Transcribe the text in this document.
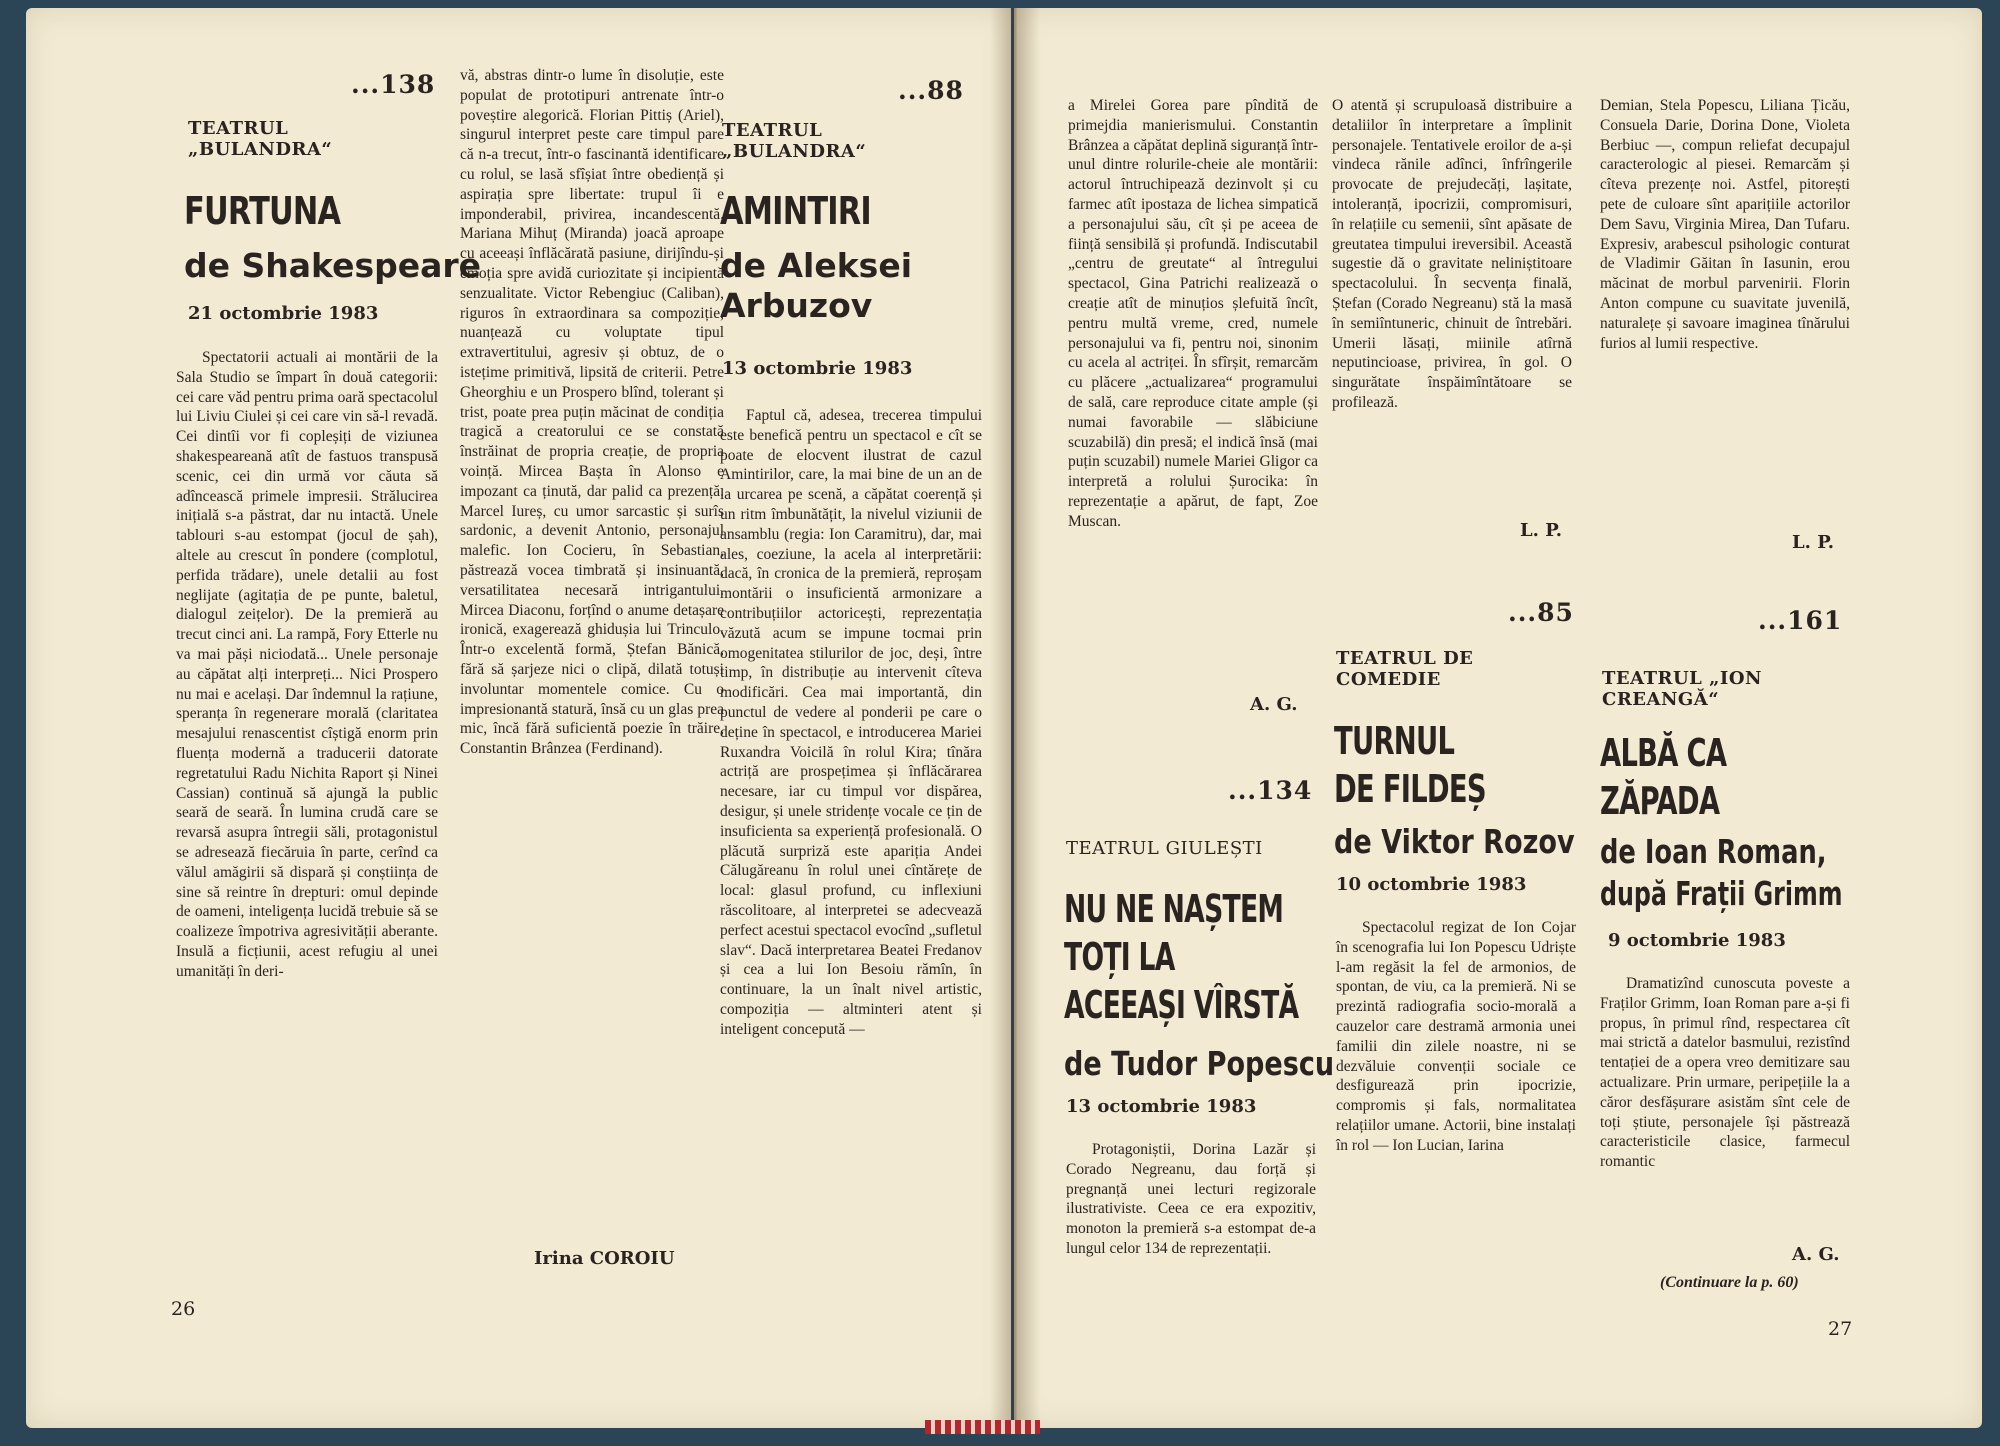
...138
TEATRUL „BULANDRA“
FURTUNA
de Shakespeare
21 octombrie 1983

Spectatorii actuali ai montării de la Sala Studio se împart în două categorii: cei care văd pentru prima oară spectacolul lui Liviu Ciulei și cei care vin să-l revadă. Cei dintîi vor fi copleșiți de viziunea shakespeareană atît de fastuos transpusă scenic, cei din urmă vor căuta să adîncească primele impresii. Strălucirea inițială s-a păstrat, dar nu intactă. Unele tablouri s-au estompat (jocul de șah), altele au crescut în pondere (complotul, perfida trădare), unele detalii au fost neglijate (agitația de pe punte, baletul, dialogul zeițelor). De la premieră au trecut cinci ani. La rampă, Fory Etterle nu va mai păși niciodată... Unele personaje au căpătat alți interpreți... Nici Prospero nu mai e același. Dar îndemnul la rațiune, speranța în regenerare morală (claritatea mesajului renascentist cîștigă enorm prin fluența modernă a traducerii datorate regretatului Radu Nichita Raport și Ninei Cassian) continuă să ajungă la public seară de seară. În lumina crudă care se revarsă asupra întregii săli, protagonistul se adresează fiecăruia în parte, cerînd ca vălul amăgirii să dispară și conștiința de sine să reintre în drepturi: omul depinde de oameni, inteligența lucidă trebuie să se coalizeze împotriva agresivității aberante. Insulă a ficțiunii, acest refugiu al unei umanități în deri-

vă, abstras dintr-o lume în disoluție, este populat de prototipuri antrenate într-o poveștire alegorică. Florian Pittiș (Ariel), singurul interpret peste care timpul pare că n-a trecut, într-o fascinantă identificare cu rolul, se lasă sfîșiat între obediență și aspirația spre libertate: trupul îi e imponderabil, privirea, incandescentă. Mariana Mihuț (Miranda) joacă aproape cu aceeași înflăcărată pasiune, dirijîndu-și emoția spre avidă curiozitate și incipientă senzualitate. Victor Rebengiuc (Caliban), riguros în extraordinara sa compoziție, nuanțează cu voluptate tipul extravertitului, agresiv și obtuz, de o istețime primitivă, lipsită de criterii. Petre Gheorghiu e un Prospero blînd, tolerant și trist, poate prea puțin măcinat de condiția tragică a creatorului ce se constată înstrăinat de propria creație, de propria voință. Mircea Bașta în Alonso e impozant ca ținută, dar palid ca prezență. Marcel Iureș, cu umor sarcastic și surîs sardonic, a devenit Antonio, personajul malefic. Ion Cocieru, în Sebastian, păstrează vocea timbrată și insinuantă, versatilitatea necesară intrigantului. Mircea Diaconu, forțînd o anume detașare ironică, exagerează ghidușia lui Trinculo. Într-o excelentă formă, Ștefan Bănică, fără să șarjeze nici o clipă, dilată totuși involuntar momentele comice. Cu o impresionantă statură, însă cu un glas prea mic, încă fără suficientă poezie în trăire, Constantin Brânzea (Ferdinand).

Irina COROIU
...88
TEATRUL „BULANDRA“
AMINTIRI
de Aleksei
Arbuzov
13 octombrie 1983

Faptul că, adesea, trecerea timpului este benefică pentru un spectacol e cît se poate de elocvent ilustrat de cazul Amintirilor, care, la mai bine de un an de la urcarea pe scenă, a căpătat coerență și un ritm îmbunătățit, la nivelul viziunii de ansamblu (regia: Ion Caramitru), dar, mai ales, coeziune, la acela al interpretării: dacă, în cronica de la premieră, reproșam montării o insuficientă armonizare a contribuțiilor actoricești, reprezentația văzută acum se impune tocmai prin omogenitatea stilurilor de joc, deși, între timp, în distribuție au intervenit cîteva modificări. Cea mai importantă, din punctul de vedere al ponderii pe care o deține în spectacol, e introducerea Mariei Ruxandra Voicilă în rolul Kira; tînăra actriță are prospețimea și înflăcărarea necesare, iar cu timpul vor dispărea, desigur, și unele stridențe vocale ce țin de insuficienta sa experiență profesională. O plăcută surpriză este apariția Andei Călugăreanu în rolul unei cîntărețe de local: glasul profund, cu inflexiuni răscolitoare, al interpretei se adecvează perfect acestui spectacol evocînd „sufletul slav“. Dacă interpretarea Beatei Fredanov și cea a lui Ion Besoiu rămîn, în continuare, la un înalt nivel artistic, compoziția — altminteri atent și inteligent concepută —

26

a Mirelei Gorea pare pîndită de primejdia manierismului. Constantin Brânzea a căpătat deplină siguranță într-unul dintre rolurile-cheie ale montării: actorul întruchipează dezinvolt și cu farmec atît ipostaza de lichea simpatică a personajului său, cît și pe aceea de ființă sensibilă și profundă. Indiscutabil „centru de greutate“ al întregului spectacol, Gina Patrichi realizează o creație atît de minuțios șlefuită încît, pentru multă vreme, cred, numele personajului va fi, pentru noi, sinonim cu acela al actriței. În sfîrșit, remarcăm cu plăcere „actualizarea“ programului de sală, care reproduce citate ample (și numai favorabile — slăbiciune scuzabilă) din presă; el indică însă (mai puțin scuzabil) numele Mariei Gligor ca interpretă a rolului Șurocika: în reprezentație a apărut, de fapt, Zoe Muscan.

A. G.
...134
TEATRUL GIULEȘTI
NU NE NAȘTEM
TOȚI LA
ACEEAȘI VÎRSTĂ
de Tudor Popescu
13 octombrie 1983

Protagoniștii, Dorina Lazăr și Corado Negreanu, dau forță și pregnanță unei lecturi regizorale ilustrativiste. Ceea ce era expozitiv, monoton la premieră s-a estompat de-a lungul celor 134 de reprezentații.

O atentă și scrupuloasă distribuire a detaliilor în interpretare a împlinit personajele. Tentativele eroilor de a-și vindeca rănile adînci, înfrîngerile provocate de prejudecăți, lașitate, intoleranță, ipocrizii, compromisuri, în relațiile cu semenii, sînt apăsate de greutatea timpului ireversibil. Această sugestie dă o gravitate neliniștitoare spectacolului. În secvența finală, Ștefan (Corado Negreanu) stă la masă în semiîntuneric, chinuit de întrebări. Umerii lăsați, miinile atîrnă neputincioase, privirea, în gol. O singurătate înspăimîntătoare se profilează.

L. P.
...85
TEATRUL DE COMEDIE
TURNUL
DE FILDEȘ
de Viktor Rozov
10 octombrie 1983

Spectacolul regizat de Ion Cojar în scenografia lui Ion Popescu Udriște l-am regăsit la fel de armonios, de spontan, de viu, ca la premieră. Ni se prezintă radiografia socio-morală a cauzelor care destramă armonia unei familii din zilele noastre, ni se dezvăluie convenții sociale ce desfigurează prin ipocrizie, compromis și fals, normalitatea relațiilor umane. Actorii, bine instalați în rol — Ion Lucian, Iarina

Demian, Stela Popescu, Liliana Țicău, Consuela Darie, Dorina Done, Violeta Berbiuc —, compun reliefat decupajul caracterologic al piesei. Remarcăm și cîteva prezențe noi. Astfel, pitorești pete de culoare sînt aparițiile actorilor Dem Savu, Virginia Mirea, Dan Tufaru. Expresiv, arabescul psihologic conturat de Vladimir Găitan în Iasunin, erou măcinat de morbul parvenirii. Florin Anton compune cu suavitate juvenilă, naturalețe și savoare imaginea tînărului furios al lumii respective.

L. P.
...161
TEATRUL „ION CREANGĂ“
ALBĂ CA
ZĂPADA
de Ioan Roman,
după Frații Grimm
9 octombrie 1983

Dramatizînd cunoscuta poveste a Fraților Grimm, Ioan Roman pare a-și fi propus, în primul rînd, respectarea cît mai strictă a datelor basmului, rezistînd tentației de a opera vreo demitizare sau actualizare. Prin urmare, peripețiile la a căror desfășurare asistăm sînt cele de toți știute, personajele își păstrează caracteristicile clasice, farmecul romantic

A. G.
(Continuare la p. 60)
27
